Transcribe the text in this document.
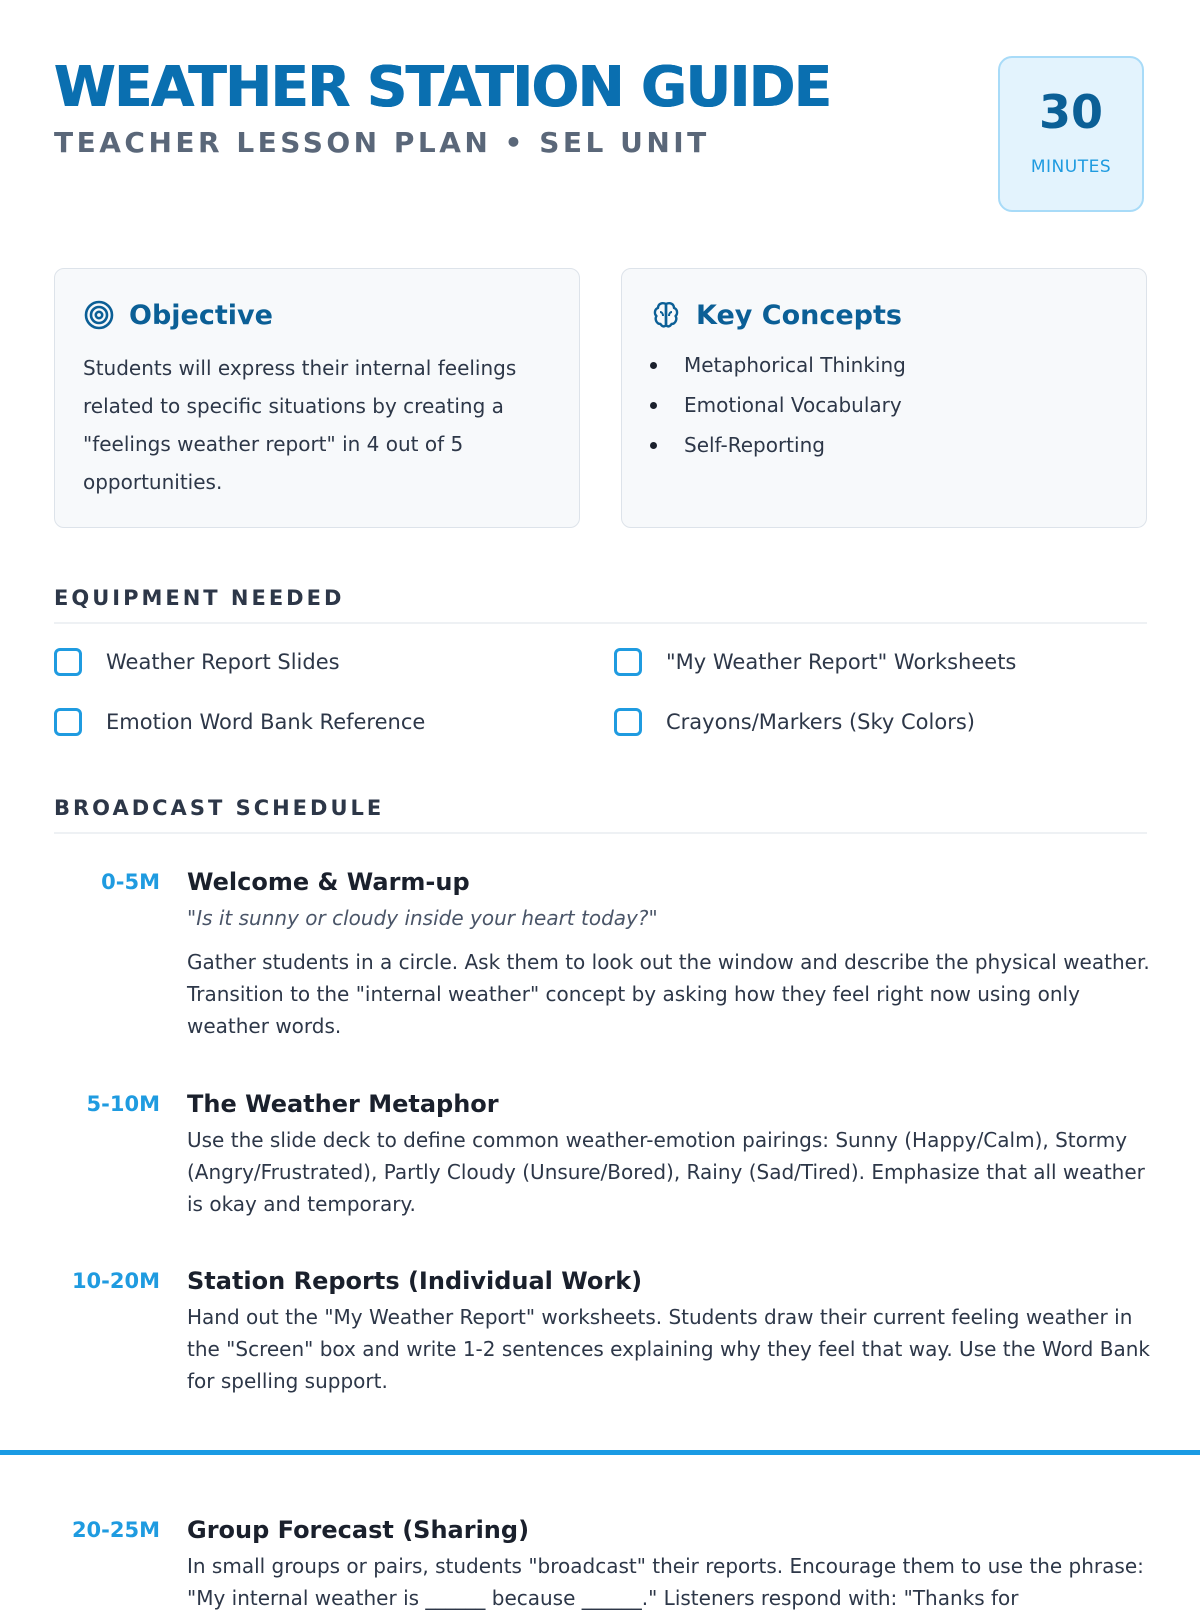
WEATHER STATION GUIDE
TEACHER LESSON PLAN • SEL UNIT
30
MINUTES
Objective
Students will express their internal feelings related to specific situations by creating a "feelings weather report" in 4 out of 5 opportunities.
Key Concepts
Metaphorical Thinking
Emotional Vocabulary
Self-Reporting
EQUIPMENT NEEDED
Weather Report Slides	"My Weather Report" Worksheets
Emotion Word Bank Reference	Crayons/Markers (Sky Colors)
BROADCAST SCHEDULE
0-5M Welcome & Warm-up
"Is it sunny or cloudy inside your heart today?"
Gather students in a circle. Ask them to look out the window and describe the physical weather. Transition to the "internal weather" concept by asking how they feel right now using only weather words.
5-10M The Weather Metaphor
Use the slide deck to define common weather-emotion pairings: Sunny (Happy/Calm), Stormy (Angry/Frustrated), Partly Cloudy (Unsure/Bored), Rainy (Sad/Tired). Emphasize that all weather is okay and temporary.
10-20M Station Reports (Individual Work)
Hand out the "My Weather Report" worksheets. Students draw their current feeling weather in the "Screen" box and write 1-2 sentences explaining why they feel that way. Use the Word Bank for spelling support.
20-25M Group Forecast (Sharing)
In small groups or pairs, students "broadcast" their reports. Encourage them to use the phrase: "My internal weather is ______ because ______." Listeners respond with: "Thanks for
